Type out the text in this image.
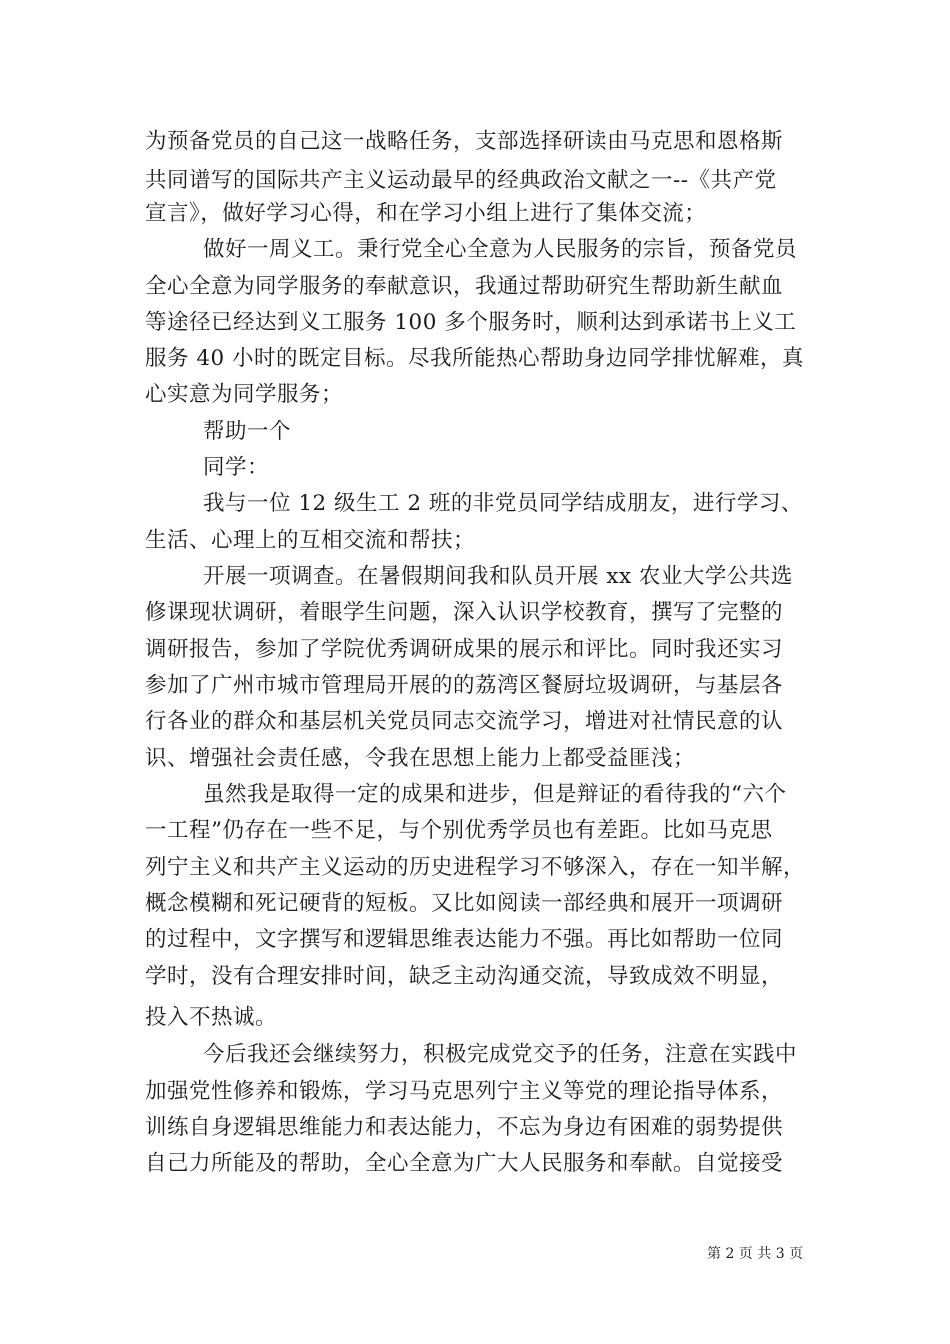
为预备党员的自己这一战略任务，支部选择研读由马克思和恩格斯
共同谱写的国际共产主义运动最早的经典政治文献之一--《共产党
宣言》，做好学习心得，和在学习小组上进行了集体交流；
做好一周义工。秉行党全心全意为人民服务的宗旨，预备党员
全心全意为同学服务的奉献意识，我通过帮助研究生帮助新生献血
等途径已经达到义工服务 100 多个服务时，顺利达到承诺书上义工
服务 40 小时的既定目标。尽我所能热心帮助身边同学排忧解难，真
心实意为同学服务；
帮助一个
同学：
我与一位 12 级生工 2 班的非党员同学结成朋友，进行学习、
生活、心理上的互相交流和帮扶；
开展一项调查。在暑假期间我和队员开展 xx 农业大学公共选
修课现状调研，着眼学生问题，深入认识学校教育，撰写了完整的
调研报告，参加了学院优秀调研成果的展示和评比。同时我还实习
参加了广州市城市管理局开展的的荔湾区餐厨垃圾调研，与基层各
行各业的群众和基层机关党员同志交流学习，增进对社情民意的认
识、增强社会责任感，令我在思想上能力上都受益匪浅；
虽然我是取得一定的成果和进步，但是辩证的看待我的“六个
一工程”仍存在一些不足，与个别优秀学员也有差距。比如马克思
列宁主义和共产主义运动的历史进程学习不够深入，存在一知半解，
概念模糊和死记硬背的短板。又比如阅读一部经典和展开一项调研
的过程中，文字撰写和逻辑思维表达能力不强。再比如帮助一位同
学时，没有合理安排时间，缺乏主动沟通交流，导致成效不明显，
投入不热诚。
今后我还会继续努力，积极完成党交予的任务，注意在实践中
加强党性修养和锻炼，学习马克思列宁主义等党的理论指导体系，
训练自身逻辑思维能力和表达能力，不忘为身边有困难的弱势提供
自己力所能及的帮助，全心全意为广大人民服务和奉献。自觉接受
第 2 页 共 3 页
